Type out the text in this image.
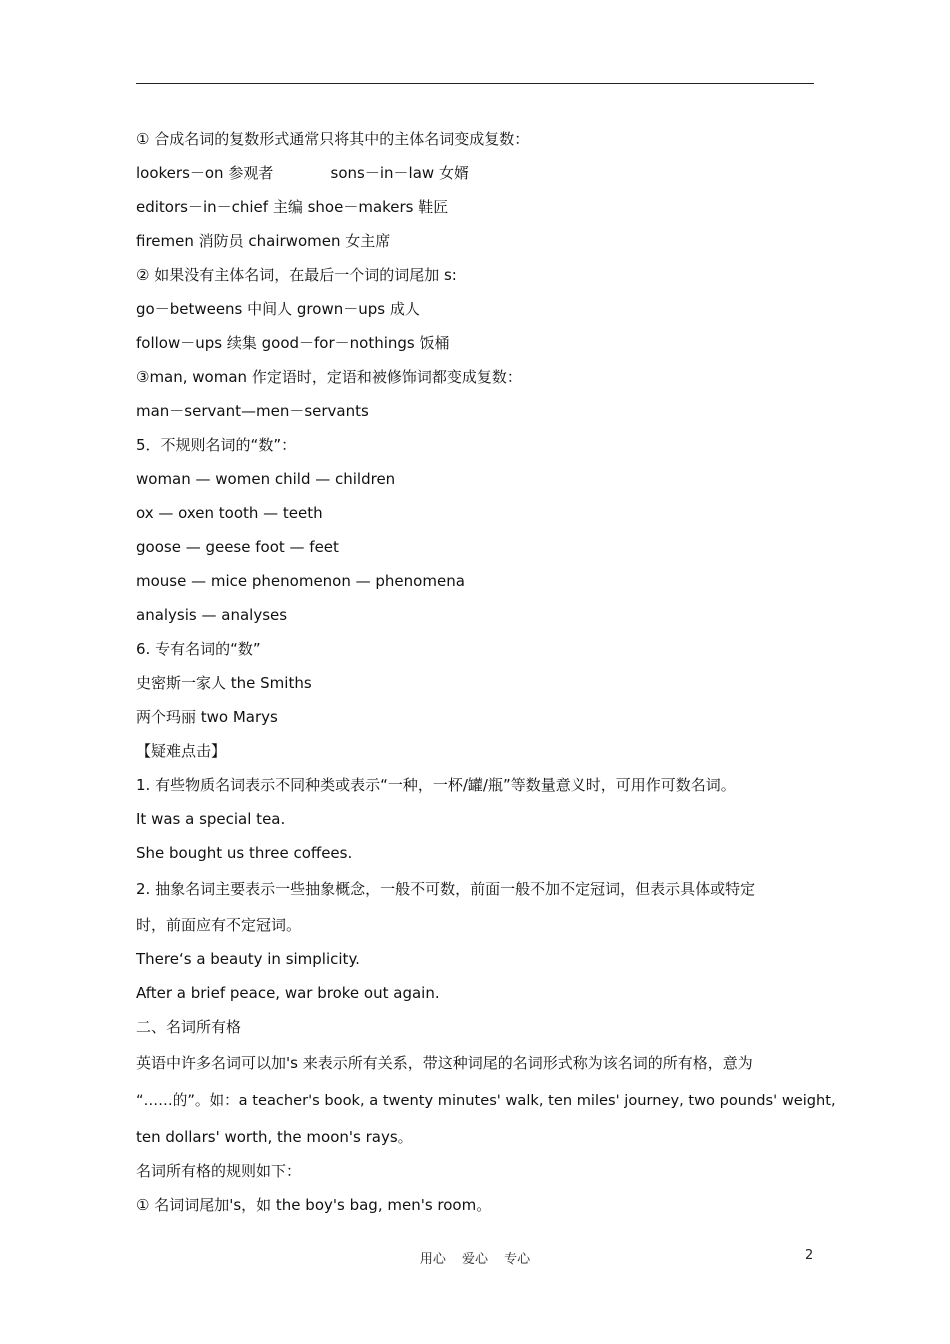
① 合成名词的复数形式通常只将其中的主体名词变成复数：
lookers－on 参观者            sons－in－law 女婿
editors－in－chief 主编 shoe－makers 鞋匠
firemen 消防员 chairwomen 女主席
② 如果没有主体名词，在最后一个词的词尾加 s:
go－betweens 中间人 grown－ups 成人
follow－ups 续集 good－for－nothings 饭桶
③man, woman 作定语时，定语和被修饰词都变成复数：
man－servant—men－servants
5．不规则名词的“数”：
woman — women child — children
ox — oxen tooth — teeth
goose — geese foot — feet
mouse — mice phenomenon — phenomena
analysis — analyses
6. 专有名词的“数”
史密斯一家人 the Smiths
两个玛丽 two Marys
【疑难点击】
1. 有些物质名词表示不同种类或表示“一种，一杯/罐/瓶”等数量意义时，可用作可数名词。
It was a special tea.
She bought us three coffees.
2. 抽象名词主要表示一些抽象概念，一般不可数，前面一般不加不定冠词，但表示具体或特定
时，前面应有不定冠词。
There‘s a beauty in simplicity.
After a brief peace, war broke out again.
二、名词所有格
英语中许多名词可以加's 来表示所有关系，带这种词尾的名词形式称为该名词的所有格，意为
“……的”。如：a teacher's book, a twenty minutes' walk, ten miles' journey, two pounds' weight,
ten dollars' worth, the moon's rays。
名词所有格的规则如下：
① 名词词尾加's，如 the boy's bag, men's room。
用心 爱心 专心	2
